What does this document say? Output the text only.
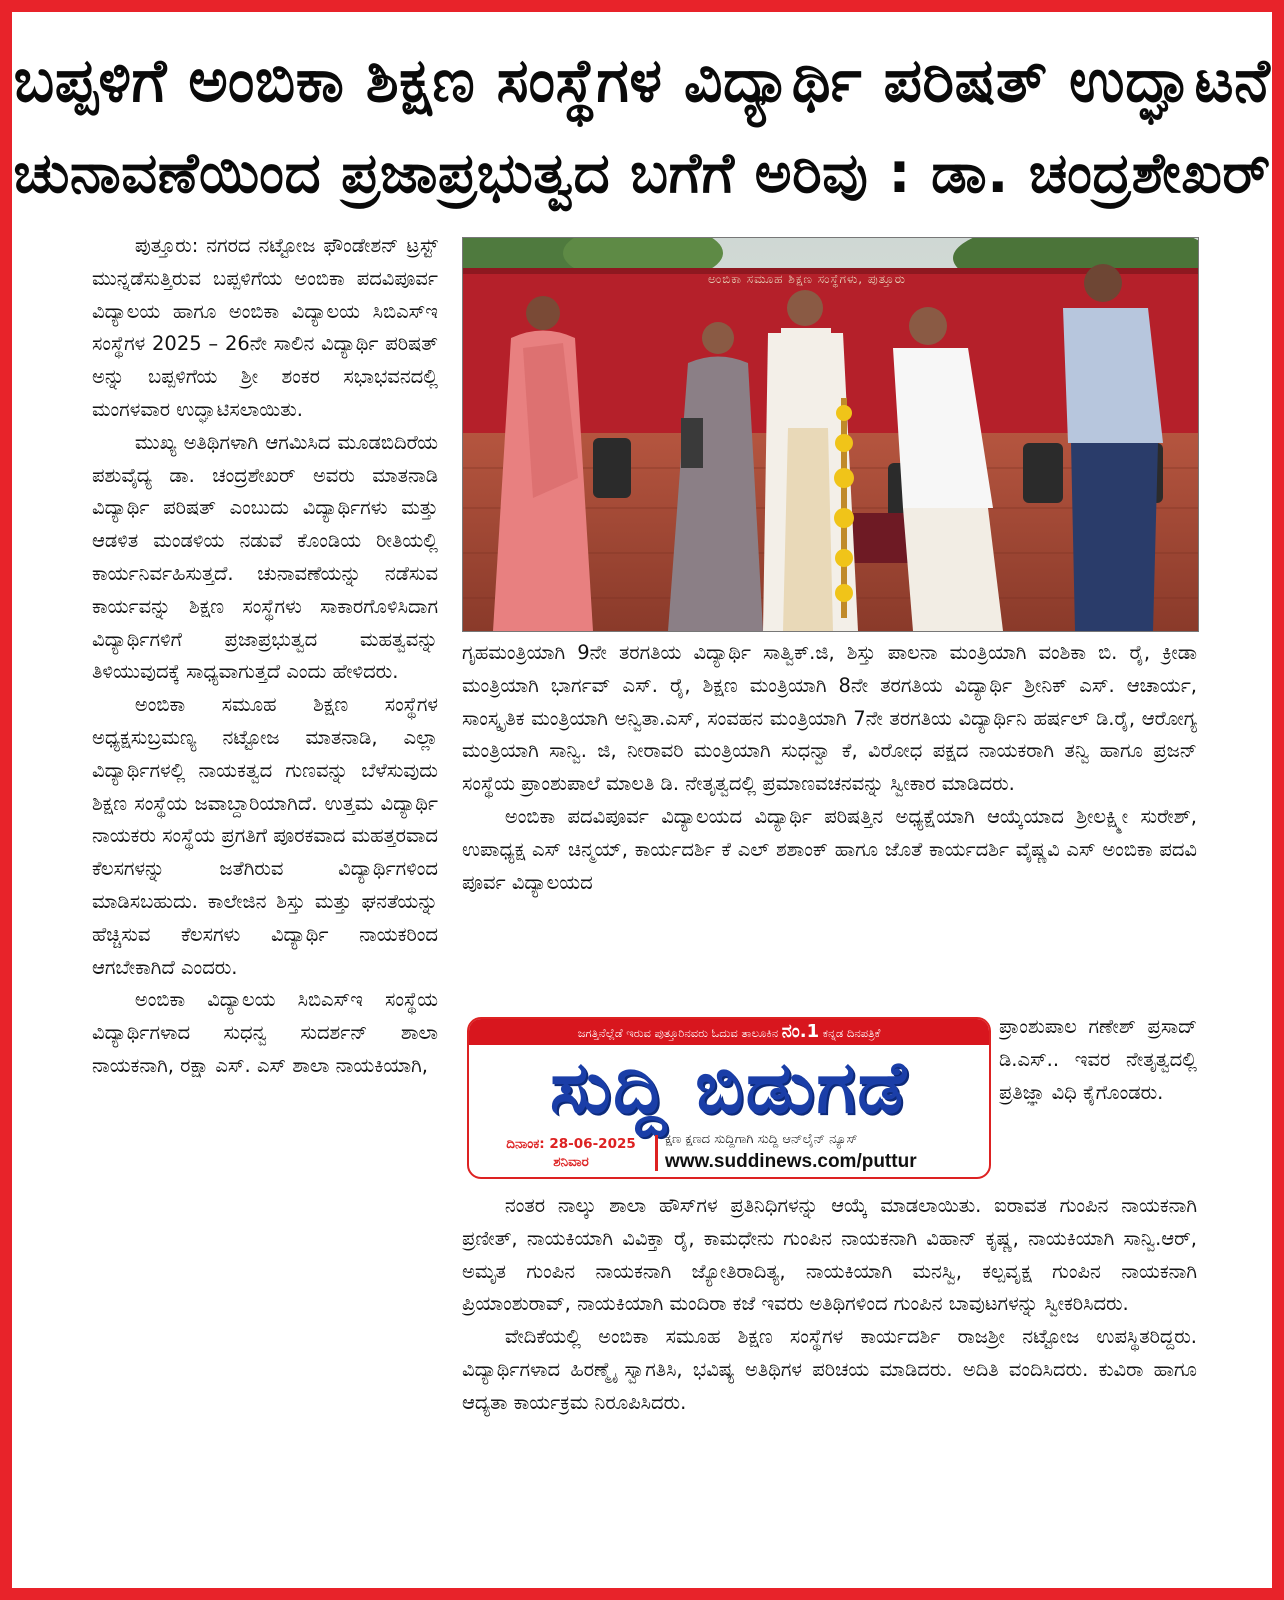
ಬಪ್ಪಳಿಗೆ ಅಂಬಿಕಾ ಶಿಕ್ಷಣ ಸಂಸ್ಥೆಗಳ ವಿದ್ಯಾರ್ಥಿ ಪರಿಷತ್ ಉದ್ಘಾಟನೆ
ಚುನಾವಣೆಯಿಂದ ಪ್ರಜಾಪ್ರಭುತ್ವದ ಬಗೆಗೆ ಅರಿವು : ಡಾ. ಚಂದ್ರಶೇಖರ್

ಪುತ್ತೂರು: ನಗರದ ನಟ್ಟೋಜ ಫೌಂಡೇಶನ್ ಟ್ರಸ್ಟ್ ಮುನ್ನಡೆಸುತ್ತಿರುವ ಬಪ್ಪಳಿಗೆಯ ಅಂಬಿಕಾ ಪದವಿಪೂರ್ವ ವಿದ್ಯಾಲಯ ಹಾಗೂ ಅಂಬಿಕಾ ವಿದ್ಯಾಲಯ ಸಿಬಿಎಸ್‌ಇ ಸಂಸ್ಥೆಗಳ 2025 – 26ನೇ ಸಾಲಿನ ವಿದ್ಯಾರ್ಥಿ ಪರಿಷತ್ ಅನ್ನು ಬಪ್ಪಳಿಗೆಯ ಶ್ರೀ ಶಂಕರ ಸಭಾಭವನದಲ್ಲಿ ಮಂಗಳವಾರ ಉದ್ಘಾಟಿಸಲಾಯಿತು.

ಮುಖ್ಯ ಅತಿಥಿಗಳಾಗಿ ಆಗಮಿಸಿದ ಮೂಡಬಿದಿರೆಯ ಪಶುವೈದ್ಯ ಡಾ. ಚಂದ್ರಶೇಖರ್ ಅವರು ಮಾತನಾಡಿ ವಿದ್ಯಾರ್ಥಿ ಪರಿಷತ್ ಎಂಬುದು ವಿದ್ಯಾರ್ಥಿಗಳು ಮತ್ತು ಆಡಳಿತ ಮಂಡಳಿಯ ನಡುವೆ ಕೊಂಡಿಯ ರೀತಿಯಲ್ಲಿ ಕಾರ್ಯನಿರ್ವಹಿಸುತ್ತದೆ. ಚುನಾವಣೆಯನ್ನು ನಡೆಸುವ ಕಾರ್ಯವನ್ನು ಶಿಕ್ಷಣ ಸಂಸ್ಥೆಗಳು ಸಾಕಾರಗೊಳಿಸಿದಾಗ ವಿದ್ಯಾರ್ಥಿಗಳಿಗೆ ಪ್ರಜಾಪ್ರಭುತ್ವದ ಮಹತ್ವವನ್ನು ತಿಳಿಯುವುದಕ್ಕೆ ಸಾಧ್ಯವಾಗುತ್ತದೆ ಎಂದು ಹೇಳಿದರು.

ಅಂಬಿಕಾ ಸಮೂಹ ಶಿಕ್ಷಣ ಸಂಸ್ಥೆಗಳ ಅಧ್ಯಕ್ಷಸುಬ್ರಮಣ್ಯ ನಟ್ಟೋಜ ಮಾತನಾಡಿ, ಎಲ್ಲಾ ವಿದ್ಯಾರ್ಥಿಗಳಲ್ಲಿ ನಾಯಕತ್ವದ ಗುಣವನ್ನು ಬೆಳೆಸುವುದು ಶಿಕ್ಷಣ ಸಂಸ್ಥೆಯ ಜವಾಬ್ದಾರಿಯಾಗಿದೆ. ಉತ್ತಮ ವಿದ್ಯಾರ್ಥಿ ನಾಯಕರು ಸಂಸ್ಥೆಯ ಪ್ರಗತಿಗೆ ಪೂರಕವಾದ ಮಹತ್ತರವಾದ ಕೆಲಸಗಳನ್ನು ಜತೆಗಿರುವ ವಿದ್ಯಾರ್ಥಿಗಳಿಂದ ಮಾಡಿಸಬಹುದು. ಕಾಲೇಜಿನ ಶಿಸ್ತು ಮತ್ತು ಘನತೆಯನ್ನು ಹೆಚ್ಚಿಸುವ ಕೆಲಸಗಳು ವಿದ್ಯಾರ್ಥಿ ನಾಯಕರಿಂದ ಆಗಬೇಕಾಗಿದೆ ಎಂದರು.

ಅಂಬಿಕಾ ವಿದ್ಯಾಲಯ ಸಿಬಿಎಸ್‌ಇ ಸಂಸ್ಥೆಯ ವಿದ್ಯಾರ್ಥಿಗಳಾದ ಸುಧನ್ವ ಸುದರ್ಶನ್ ಶಾಲಾ ನಾಯಕನಾಗಿ, ರಕ್ಷಾ ಎಸ್. ಎಸ್ ಶಾಲಾ ನಾಯಕಿಯಾಗಿ,

ಅಂಬಿಕಾ ಸಮೂಹ ಶಿಕ್ಷಣ ಸಂಸ್ಥೆಗಳು, ಪುತ್ತೂರು

ಗೃಹಮಂತ್ರಿಯಾಗಿ 9ನೇ ತರಗತಿಯ ವಿದ್ಯಾರ್ಥಿ ಸಾತ್ವಿಕ್.ಜಿ, ಶಿಸ್ತು ಪಾಲನಾ ಮಂತ್ರಿಯಾಗಿ ವಂಶಿಕಾ ಬಿ. ರೈ, ಕ್ರೀಡಾ ಮಂತ್ರಿಯಾಗಿ ಭಾರ್ಗವ್ ಎಸ್. ರೈ, ಶಿಕ್ಷಣ ಮಂತ್ರಿಯಾಗಿ 8ನೇ ತರಗತಿಯ ವಿದ್ಯಾರ್ಥಿ ಶ್ರೀನಿಕ್ ಎಸ್. ಆಚಾರ್ಯ, ಸಾಂಸ್ಕೃತಿಕ ಮಂತ್ರಿಯಾಗಿ ಅನ್ವಿತಾ.ಎಸ್, ಸಂವಹನ ಮಂತ್ರಿಯಾಗಿ 7ನೇ ತರಗತಿಯ ವಿದ್ಯಾರ್ಥಿನಿ ಹರ್ಷಲ್ ಡಿ.ರೈ, ಆರೋಗ್ಯ ಮಂತ್ರಿಯಾಗಿ ಸಾನ್ವಿ. ಜಿ, ನೀರಾವರಿ ಮಂತ್ರಿಯಾಗಿ ಸುಧನ್ವಾ ಕೆ, ವಿರೋಧ ಪಕ್ಷದ ನಾಯಕರಾಗಿ ತನ್ವಿ ಹಾಗೂ ಪ್ರಜನ್ ಸಂಸ್ಥೆಯ ಪ್ರಾಂಶುಪಾಲೆ ಮಾಲತಿ ಡಿ. ನೇತೃತ್ವದಲ್ಲಿ ಪ್ರಮಾಣವಚನವನ್ನು ಸ್ವೀಕಾರ ಮಾಡಿದರು.

ಅಂಬಿಕಾ ಪದವಿಪೂರ್ವ ವಿದ್ಯಾಲಯದ ವಿದ್ಯಾರ್ಥಿ ಪರಿಷತ್ತಿನ ಅಧ್ಯಕ್ಷೆಯಾಗಿ ಆಯ್ಕೆಯಾದ ಶ್ರೀಲಕ್ಷ್ಮೀ ಸುರೇಶ್, ಉಪಾಧ್ಯಕ್ಷ ಎಸ್ ಚಿನ್ಮಯ್, ಕಾರ್ಯದರ್ಶಿ ಕೆ ಎಲ್ ಶಶಾಂಕ್ ಹಾಗೂ ಜೊತೆ ಕಾರ್ಯದರ್ಶಿ ವೈಷ್ಣವಿ ಎಸ್ ಅಂಬಿಕಾ ಪದವಿ ಪೂರ್ವ ವಿದ್ಯಾಲಯದ

ಜಗತ್ತಿನೆಲ್ಲೆಡೆ ಇರುವ ಪುತ್ತೂರಿನವರು ಓದುವ ತಾಲೂಕಿನ ನಂ.1 ಕನ್ನಡ ದಿನಪತ್ರಿಕೆ
ಸುದ್ದಿ ಬಿಡುಗಡೆ
ದಿನಾಂಕ: 28-06-2025
ಶನಿವಾರ
ಕ್ಷಣ ಕ್ಷಣದ ಸುದ್ದಿಗಾಗಿ ಸುದ್ದಿ ಆನ್‌ಲೈನ್ ನ್ಯೂಸ್
www.suddinews.com/puttur

ಪ್ರಾಂಶುಪಾಲ ಗಣೇಶ್ ಪ್ರಸಾದ್ ಡಿ.ಎಸ್.. ಇವರ ನೇತೃತ್ವದಲ್ಲಿ ಪ್ರತಿಜ್ಞಾ ವಿಧಿ ಕೈಗೊಂಡರು.

ನಂತರ ನಾಲ್ಕು ಶಾಲಾ ಹೌಸ್‌ಗಳ ಪ್ರತಿನಿಧಿಗಳನ್ನು ಆಯ್ಕೆ ಮಾಡಲಾಯಿತು. ಐರಾವತ ಗುಂಪಿನ ನಾಯಕನಾಗಿ ಪ್ರಣೀತ್, ನಾಯಕಿಯಾಗಿ ವಿವಿಕ್ತಾ ರೈ, ಕಾಮಧೇನು ಗುಂಪಿನ ನಾಯಕನಾಗಿ ವಿಹಾನ್ ಕೃಷ್ಣ, ನಾಯಕಿಯಾಗಿ ಸಾನ್ವಿ.ಆರ್, ಅಮೃತ ಗುಂಪಿನ ನಾಯಕನಾಗಿ ಜ್ಯೋತಿರಾದಿತ್ಯ, ನಾಯಕಿಯಾಗಿ ಮನಸ್ವಿ, ಕಲ್ಪವೃಕ್ಷ ಗುಂಪಿನ ನಾಯಕನಾಗಿ ಪ್ರಿಯಾಂಶುರಾವ್, ನಾಯಕಿಯಾಗಿ ಮಂದಿರಾ ಕಜೆ ಇವರು ಅತಿಥಿಗಳಿಂದ ಗುಂಪಿನ ಬಾವುಟಗಳನ್ನು ಸ್ವೀಕರಿಸಿದರು.

ವೇದಿಕೆಯಲ್ಲಿ ಅಂಬಿಕಾ ಸಮೂಹ ಶಿಕ್ಷಣ ಸಂಸ್ಥೆಗಳ ಕಾರ್ಯದರ್ಶಿ ರಾಜಶ್ರೀ ನಟ್ಟೋಜ ಉಪಸ್ಥಿತರಿದ್ದರು. ವಿದ್ಯಾರ್ಥಿಗಳಾದ ಹಿರಣ್ಮೈ ಸ್ವಾಗತಿಸಿ, ಭವಿಷ್ಯ ಅತಿಥಿಗಳ ಪರಿಚಯ ಮಾಡಿದರು. ಅದಿತಿ ವಂದಿಸಿದರು. ಕುವಿರಾ ಹಾಗೂ ಆದ್ಯತಾ ಕಾರ್ಯಕ್ರಮ ನಿರೂಪಿಸಿದರು.
